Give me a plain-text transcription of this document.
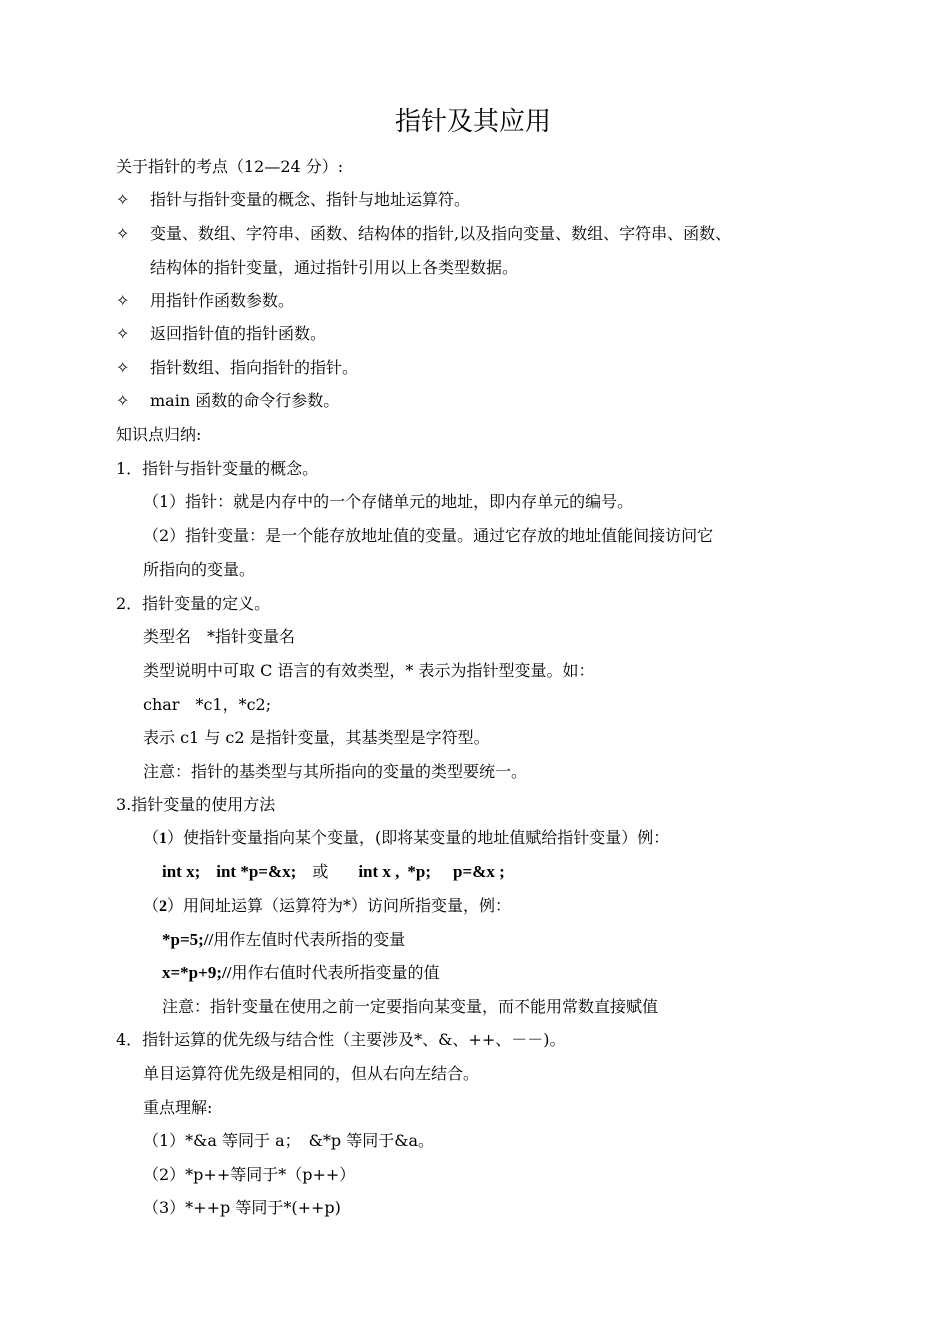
指针及其应用
关于指针的考点（12—24 分）:
✧ 指针与指针变量的概念、指针与地址运算符。
✧ 变量、数组、字符串、函数、结构体的指针,以及指向变量、数组、字符串、函数、
结构体的指针变量，通过指针引用以上各类型数据。
✧ 用指针作函数参数。
✧ 返回指针值的指针函数。
✧ 指针数组、指向指针的指针。
✧ main 函数的命令行参数。
知识点归纳:
1．指针与指针变量的概念。
（1）指针：就是内存中的一个存储单元的地址，即内存单元的编号。
（2）指针变量：是一个能存放地址值的变量。通过它存放的地址值能间接访问它
所指向的变量。
2．指针变量的定义。
类型名　*指针变量名
类型说明中可取 C 语言的有效类型，* 表示为指针型变量。如：
char　*c1，*c2;
表示 c1 与 c2 是指针变量，其基类型是字符型。
注意：指针的基类型与其所指向的变量的类型要统一。
3.指针变量的使用方法
（1）使指针变量指向某个变量，(即将某变量的地址值赋给指针变量）例：
int x; int *p=&x; 或 int x , *p; p=&x ;
（2）用间址运算（运算符为*）访问所指变量，例：
*p=5;//用作左值时代表所指的变量
x=*p+9;//用作右值时代表所指变量的值
注意：指针变量在使用之前一定要指向某变量，而不能用常数直接赋值
4．指针运算的优先级与结合性（主要涉及*、&、++、－－)。
单目运算符优先级是相同的，但从右向左结合。
重点理解:
（1）*&a 等同于 a；　&*p 等同于&a。
（2）*p++等同于*（p++）
（3）*++p 等同于*(++p)
